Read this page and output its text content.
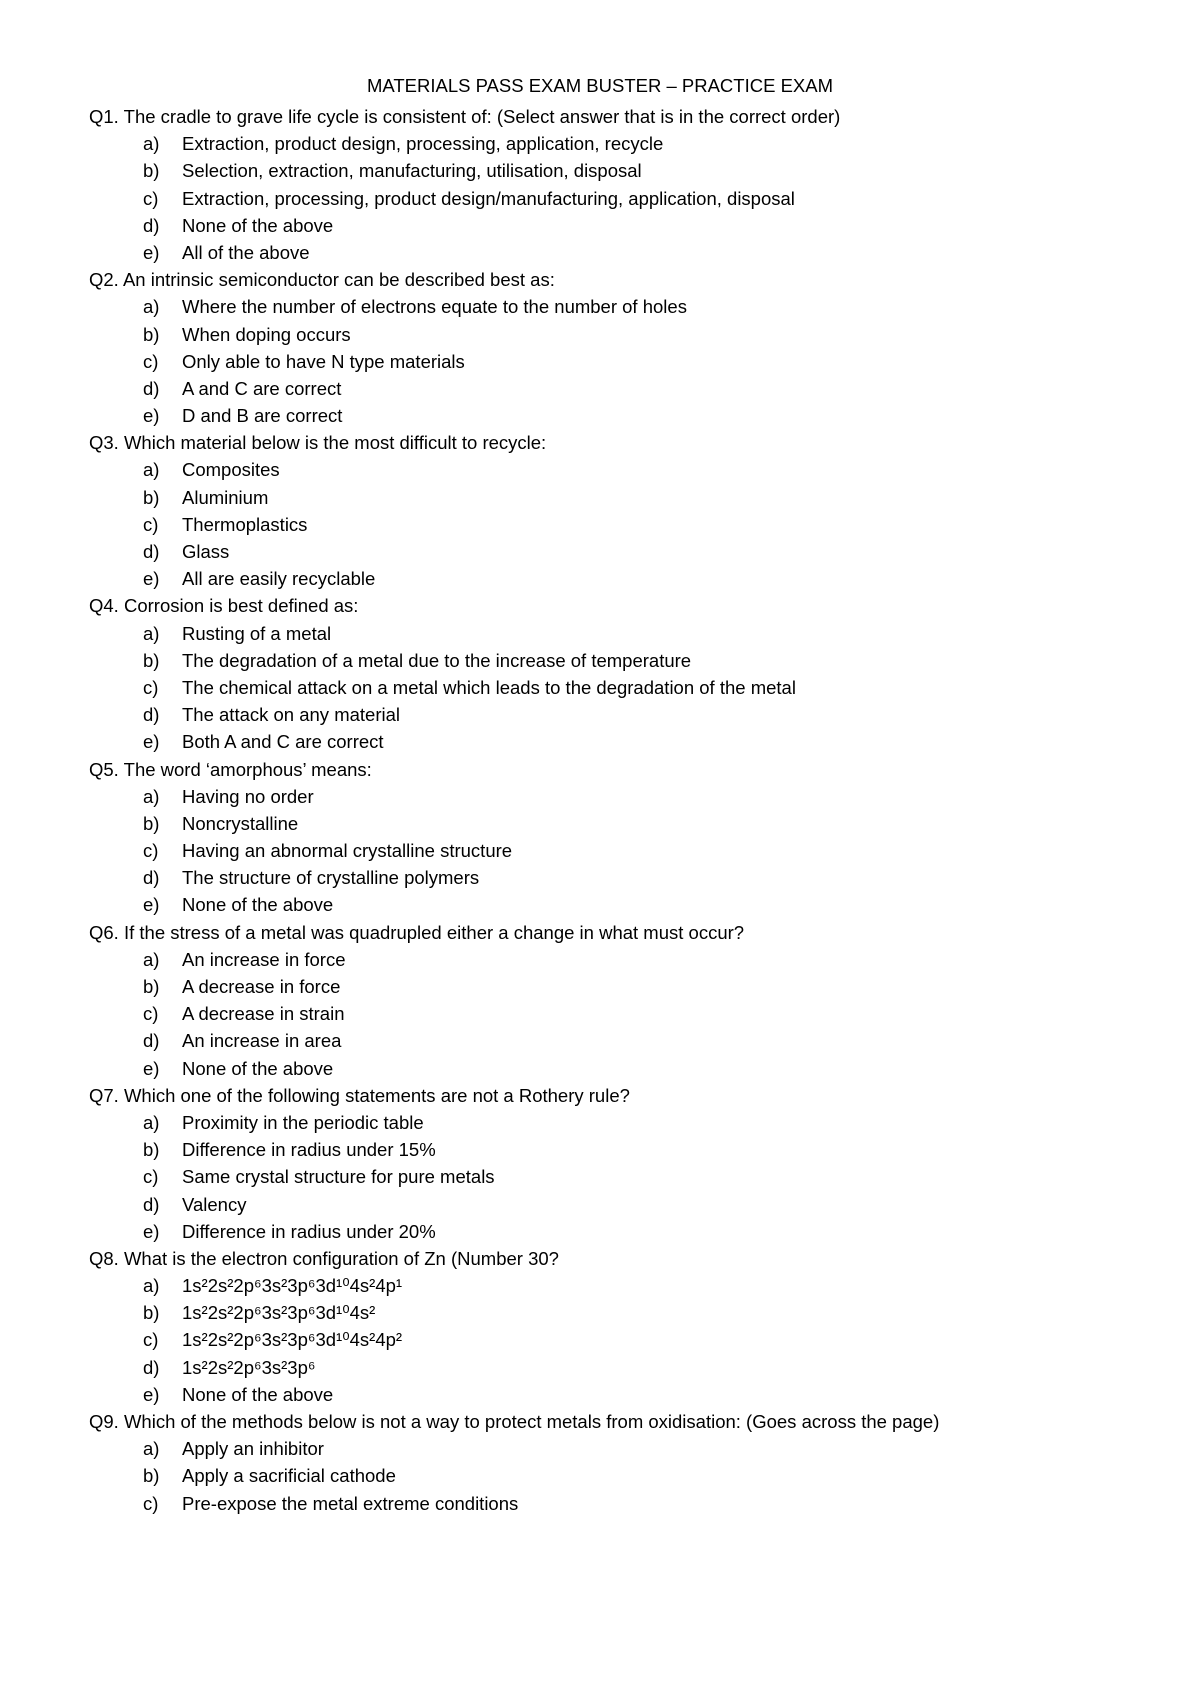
MATERIALS PASS EXAM BUSTER – PRACTICE EXAM
Q1. The cradle to grave life cycle is consistent of: (Select answer that is in the correct order)
a) Extraction, product design, processing, application, recycle
b) Selection, extraction, manufacturing, utilisation, disposal
c) Extraction, processing, product design/manufacturing, application, disposal
d) None of the above
e) All of the above
Q2. An intrinsic semiconductor can be described best as:
a) Where the number of electrons equate to the number of holes
b) When doping occurs
c) Only able to have N type materials
d) A and C are correct
e) D and B are correct
Q3. Which material below is the most difficult to recycle:
a) Composites
b) Aluminium
c) Thermoplastics
d) Glass
e) All are easily recyclable
Q4. Corrosion is best defined as:
a) Rusting of a metal
b) The degradation of a metal due to the increase of temperature
c) The chemical attack on a metal which leads to the degradation of the metal
d) The attack on any material
e) Both A and C are correct
Q5. The word ‘amorphous’ means:
a) Having no order
b) Noncrystalline
c) Having an abnormal crystalline structure
d) The structure of crystalline polymers
e) None of the above
Q6. If the stress of a metal was quadrupled either a change in what must occur?
a) An increase in force
b) A decrease in force
c) A decrease in strain
d) An increase in area
e) None of the above
Q7. Which one of the following statements are not a Rothery rule?
a) Proximity in the periodic table
b) Difference in radius under 15%
c) Same crystal structure for pure metals
d) Valency
e) Difference in radius under 20%
Q8. What is the electron configuration of Zn (Number 30?
a) 1s²2s²2p⁶3s²3p⁶3d¹⁰4s²4p¹
b) 1s²2s²2p⁶3s²3p⁶3d¹⁰4s²
c) 1s²2s²2p⁶3s²3p⁶3d¹⁰4s²4p²
d) 1s²2s²2p⁶3s²3p⁶
e) None of the above
Q9. Which of the methods below is not a way to protect metals from oxidisation: (Goes across the page)
a) Apply an inhibitor
b) Apply a sacrificial cathode
c) Pre-expose the metal extreme conditions
